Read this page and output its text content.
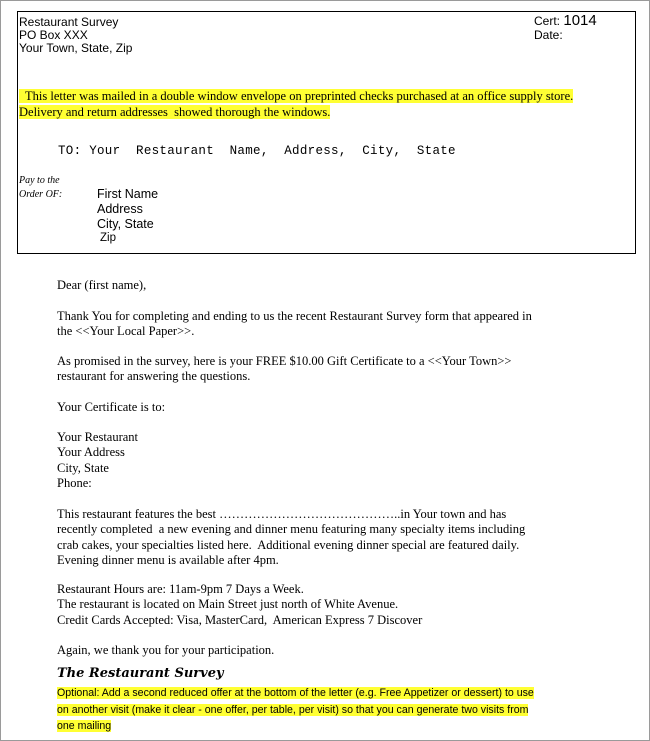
Restaurant Survey
PO Box XXX
Your Town, State, Zip
Cert: 1014
Date:
This letter was mailed in a double window envelope on preprinted checks purchased at an office supply store.
Delivery and return addresses  showed thorough the windows.
TO: Your  Restaurant  Name,  Address,  City,  State
Pay to the
Order OF:	First Name
Address
City, State
Zip
Dear (first name),
Thank You for completing and ending to us the recent Restaurant Survey form that appeared in
the <<Your Local Paper>>.
As promised in the survey, here is your FREE $10.00 Gift Certificate to a <<Your Town>>
restaurant for answering the questions.
Your Certificate is to:
Your Restaurant
Your Address
City, State
Phone:
This restaurant features the best ……………………………………..in Your town and has
recently completed  a new evening and dinner menu featuring many specialty items including
crab cakes, your specialties listed here.  Additional evening dinner special are featured daily.
Evening dinner menu is available after 4pm.
Restaurant Hours are: 11am-9pm 7 Days a Week.
The restaurant is located on Main Street just north of White Avenue.
Credit Cards Accepted: Visa, MasterCard,  American Express 7 Discover
Again, we thank you for your participation.
The Restaurant Survey
Optional: Add a second reduced offer at the bottom of the letter (e.g. Free Appetizer or dessert) to use
on another visit (make it clear - one offer, per table, per visit) so that you can generate two visits from
one mailing
